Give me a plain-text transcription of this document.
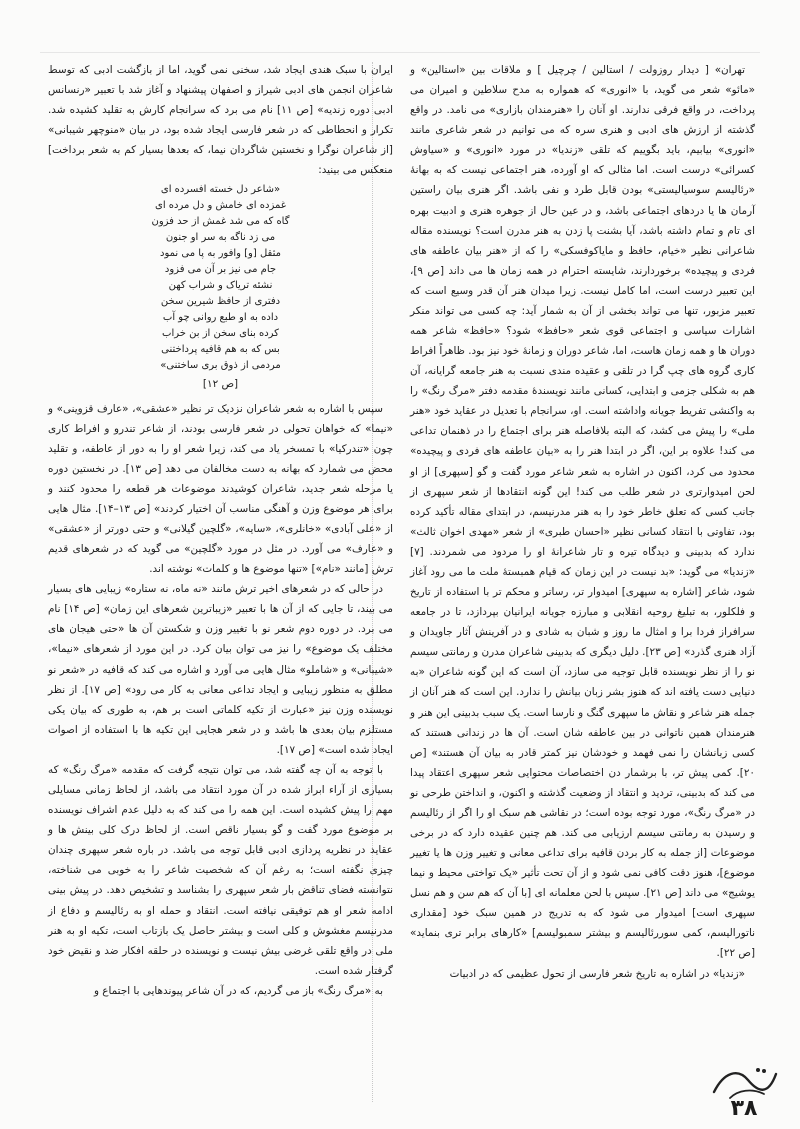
تهران» [ دیدار روزولت / استالین / چرچیل ] و ملاقات بین «استالین» و «مائو» شعر می گوید، با «انوری» که همواره به مدح سلاطین و امیران می پرداخت، در واقع فرقی ندارند. او آنان را «هنرمندان بازاری» می نامد. در واقع گذشته از ارزش های ادبی و هنری سره که می توانیم در شعر شاعری مانند «انوری» بیابیم، باید بگوییم که تلقی «زندیا» در مورد «انوری» و «سیاوش کسرائی» درست است. اما مثالی که او آورده، هنر اجتماعی نیست که به بهانۀ «رئالیسم سوسیالیستی» بودن قابل طرد و نفی باشد. اگر هنری بیان راستین آرمان ها یا دردهای اجتماعی باشد، و در عین حال از جوهره هنری و ادبیت بهره ای تام و تمام داشته باشد، آیا بشنت پا زدن به هنر مدرن است؟ نویسنده مقاله شاعرانی نظیر «خیام، حافظ و مایاکوفسکی» را که از «هنر بیان عاطفه های فردی و پیچیده» برخوردارند، شایسته احترام در همه زمان ها می داند [ص ۹]، این تعبیر درست است، اما کامل نیست. زیرا میدان هنر آن قدر وسیع است که تعبیر مزبور، تنها می تواند بخشی از آن به شمار آید: چه کسی می تواند منکر اشارات سیاسی و اجتماعی قوی شعر «حافظ» شود؟ «حافظ» شاعر همه دوران ها و همه زمان هاست، اما، شاعر دوران و زمانۀ خود نیز بود. ظاهراً افراط کاری گروه های چپ گرا در تلقی و عقیده مندی نسبت به هنر جامعه گرایانه، آن هم به شکلی جزمی و ابتدایی، کسانی مانند نویسندۀ مقدمه دفتر «مرگ رنگ» را به واکنشی تفریط جویانه واداشته است. او، سرانجام با تعدیل در عقاید خود «هنر ملی» را پیش می کشد، که البته بلافاصله هنر برای اجتماع را در ذهنمان تداعی می کند! علاوه بر این، اگر در ابتدا هنر را به «بیان عاطفه های فردی و پیچیده» محدود می کرد، اکنون در اشاره به شعر شاعر مورد گفت و گو [سپهری] از او لحن امیدوارتری در شعر طلب می کند! این گونه انتقادها از شعر سپهری از جانب کسی که تعلق خاطر خود را به هنر مدرنیسم، در ابتدای مقاله تأکید کرده بود، تفاوتی با انتقاد کسانی نظیر «احسان طبری» از شعر «مهدی اخوان ثالث» ندارد که بدبینی و دیدگاه تیره و تار شاعرانۀ او را مردود می شمردند. [۷] «زندیا» می گوید: «بد نیست در این زمان که قیام همبستۀ ملت ما می رود آغاز شود، شاعر [اشاره به سپهری] امیدوار تر، رساتر و محکم تر با استفاده از تاریخ و فلکلور، به تبلیغ روحیه انقلابی و مبارزه جویانه ایرانیان بپردازد، تا در جامعه سرافراز فردا برا و امثال ما روز و شبان به شادی و در آفرینش آثار جاویدان و آزاد هنری گذرد» [ص ۲۳]. دلیل دیگری که بدبینی شاعران مدرن و رمانتی سیسم نو را از نظر نویسنده قابل توجیه می سازد، آن است که این گونه شاعران «به دنیایی دست یافته اند که هنوز بشر زبان بیانش را ندارد. این است که هنر آنان از جمله هنر شاعر و نقاش ما سپهری گنگ و نارسا است. یک سبب بدبینی این هنر و هنرمندان همین ناتوانی در بین عاطفه شان است. آن ها در زندانی هستند که کسی زبانشان را نمی فهمد و خودشان نیز کمتر قادر به بیان آن هستند» [ص ۲۰]. کمی پیش تر، با برشمار دن اختصاصات محتوایی شعر سپهری اعتقاد پیدا می کند که بدبینی، تردید و انتقاد از وضعیت گذشته و اکنون، و انداختن طرحی نو در «مرگ رنگ»، مورد توجه بوده است؛ در نقاشی هم سبک او را اگر از رئالیسم و رسیدن به رمانتی سیسم ارزیابی می کند. هم چنین عقیده دارد که در برخی موضوعات [از جمله به کار بردن قافیه برای تداعی معانی و تغییر وزن ها یا تغییر موضوع]، هنوز دقت کافی نمی شود و از آن تحت تأثیر «یک تواختی محیط و نیما یوشیج» می داند [ص ۲۱]. سپس با لحن معلمانه ای [با آن که هم سن و هم نسل سپهری است] امیدوار می شود که به تدریج در همین سبک خود [مقداری ناتورالیسم، کمی سوررئالیسم و بیشتر سمبولیسم] «کارهای برابر تری بنماید» [ص ۲۲].

«زندیا» در اشاره به تاریخ شعر فارسی از تحول عظیمی که در ادبیات

ایران با سبک هندی ایجاد شد، سخنی نمی گوید، اما از بازگشت ادبی که توسط شاعران انجمن های ادبی شیراز و اصفهان پیشنهاد و آغاز شد با تعبیر «رنسانس ادبی دوره زندیه» [ص ۱۱] نام می برد که سرانجام کارش به تقلید کشیده شد. تکرار و انحطاطی که در شعر فارسی ایجاد شده بود، در بیان «منوچهر شیبانی» [از شاعران نوگرا و نخستین شاگردان نیما، که بعدها بسیار کم به شعر برداخت] منعکس می بینید:

«شاعر دل خسته افسرده ای
غمزده ای خامش و دل مرده ای
گاه که می شد غمش از حد فزون
می زد ناگه به سر او جنون
مثقل [و] وافور به پا می نمود
جام می نیز بر آن می فزود
نشئه تریاک و شراب کهن
دفتری از حافظ شیرین سخن
داده به او طبع روانی چو آب
کرده بنای سخن از بن خراب
بس که به هم قافیه پرداختنی
مردمی از ذوق بری ساختنی»
[ص ۱۲]

سپس با اشاره به شعر شاعران نزدیک تر نظیر «عشقی»، «عارف قزوینی» و «نیما» که خواهان تحولی در شعر فارسی بودند، از شاعر تندرو و افراط کاری چون «تندرکیا» با تمسخر یاد می کند، زیرا شعر او را به دور از عاطفه، و تقلید محض می شمارد که بهانه به دست مخالفان می دهد [ص ۱۳]. در نخستین دوره یا مرحله شعر جدید، شاعران کوشیدند موضوعات هر قطعه را محدود کنند و برای هر موضوع وزن و آهنگی مناسب آن اختیار کردند» [ص ۱۳–۱۴]. مثال هایی از «علی آبادی» «خانلری»، «سایه»، «گلچین گیلانی» و حتی دورتر از «عشقی» و «عارف» می آورد. در مثل در مورد «گلچین» می گوید که در شعرهای قدیم ترش [مانند «نام»] «تنها موضوع ها و کلمات» نوشته اند.

در حالی که در شعرهای اخیر ترش مانند «نه ماه، نه ستاره» زیبایی های بسیار می بیند، تا جایی که از آن ها با تعبیر «زیباترین شعرهای این زمان» [ص ۱۴] نام می برد. در دوره دوم شعر نو با تغییر وزن و شکستن آن ها «حتی هیجان های مختلف یک موضوع» را نیز می توان بیان کرد. در این مورد از شعرهای «نیما»، «شیبانی» و «شاملو» مثال هایی می آورد و اشاره می کند که قافیه در «شعر نو مطلق به منظور زیبایی و ایجاد تداعی معانی به کار می رود» [ص ۱۷]. از نظر نویسنده وزن نیز «عبارت از تکیه کلماتی است بر هم، به طوری که بیان یکی مستلزم بیان بعدی ها باشد و در شعر هجایی این تکیه ها با استفاده از اصوات ایجاد شده است» [ص ۱۷].

با توجه به آن چه گفته شد، می توان نتیجه گرفت که مقدمه «مرگ رنگ» که بسیاری از آراء ابراز شده در آن مورد انتقاد می باشد، از لحاظ زمانی مسایلی مهم را پیش کشیده است. این همه را می کند که به دلیل عدم اشراف نویسنده بر موضوع مورد گفت و گو بسیار ناقص است. از لحاظ درک کلی بینش ها و عقاید در نظریه پردازی ادبی قابل توجه می باشد. در باره شعر سپهری چندان چیزی نگفته است؛ به رغم آن که شخصیت شاعر را به خوبی می شناخته، نتوانسته فضای تناقض بار شعر سپهری را بشناسد و تشخیص دهد. در پیش بینی ادامه شعر او هم توفیقی نیافته است. انتقاد و حمله او به رئالیسم و دفاع از مدرنیسم مغشوش و کلی است و بیشتر حاصل یک بازتاب است، تکیه او به هنر ملی در واقع تلقی غرضی بیش نیست و نویسنده در حلقه افکار ضد و نقیض خود گرفتار شده است.

به «مرگ رنگ» باز می گردیم، که در آن شاعر پیوندهایی با اجتماع و

۳۸
